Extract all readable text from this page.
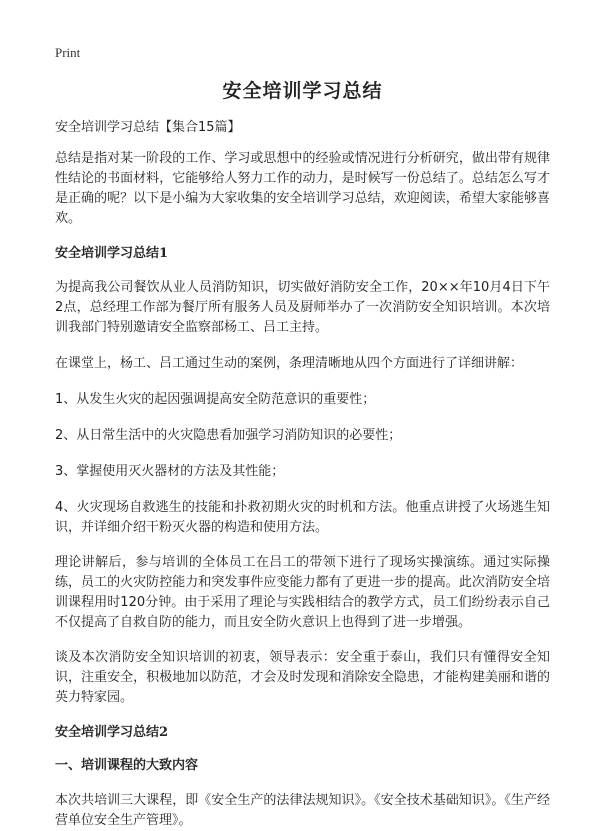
Print
安全培训学习总结
安全培训学习总结【集合15篇】

总结是指对某一阶段的工作、学习或思想中的经验或情况进行分析研究，做出带有规律性结论的书面材料，它能够给人努力工作的动力，是时候写一份总结了。总结怎么写才是正确的呢？以下是小编为大家收集的安全培训学习总结，欢迎阅读，希望大家能够喜欢。

安全培训学习总结1

为提高我公司餐饮从业人员消防知识，切实做好消防安全工作，20××年10月4日下午2点，总经理工作部为餐厅所有服务人员及厨师举办了一次消防安全知识培训。本次培训我部门特别邀请安全监察部杨工、吕工主持。

在课堂上，杨工、吕工通过生动的案例，条理清晰地从四个方面进行了详细讲解：

1、从发生火灾的起因强调提高安全防范意识的重要性；

2、从日常生活中的火灾隐患看加强学习消防知识的必要性；

3、掌握使用灭火器材的方法及其性能；

4、火灾现场自救逃生的技能和扑救初期火灾的时机和方法。他重点讲授了火场逃生知识，并详细介绍干粉灭火器的构造和使用方法。

理论讲解后，参与培训的全体员工在吕工的带领下进行了现场实操演练。通过实际操练，员工的火灾防控能力和突发事件应变能力都有了更进一步的提高。此次消防安全培训课程用时120分钟。由于采用了理论与实践相结合的教学方式，员工们纷纷表示自己不仅提高了自救自防的能力，而且安全防火意识上也得到了进一步增强。

谈及本次消防安全知识培训的初衷，领导表示：安全重于泰山，我们只有懂得安全知识，注重安全，积极地加以防范，才会及时发现和消除安全隐患，才能构建美丽和谐的英力特家园。

安全培训学习总结2
一、培训课程的大致内容

本次共培训三大课程，即《安全生产的法律法规知识》。《安全技术基础知识》。《生产经营单位安全生产管理》。
